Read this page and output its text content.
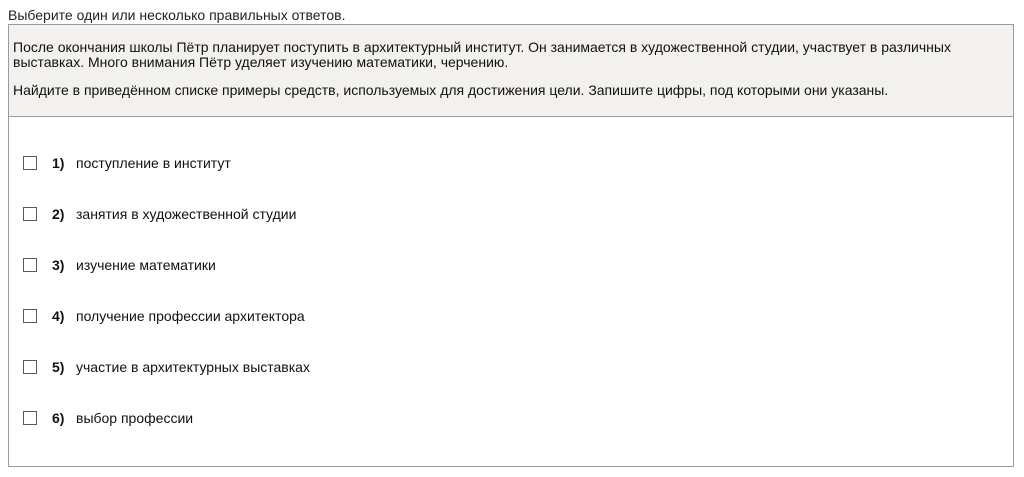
Выберите один или несколько правильных ответов.

После окончания школы Пётр планирует поступить в архитектурный институт. Он занимается в художественной студии, участвует в различных выставках. Много внимания Пётр уделяет изучению математики, черчению.

Найдите в приведённом списке примеры средств, используемых для достижения цели. Запишите цифры, под которыми они указаны.

1) поступление в институт
2) занятия в художественной студии
3) изучение математики
4) получение профессии архитектора
5) участие в архитектурных выставках
6) выбор профессии
